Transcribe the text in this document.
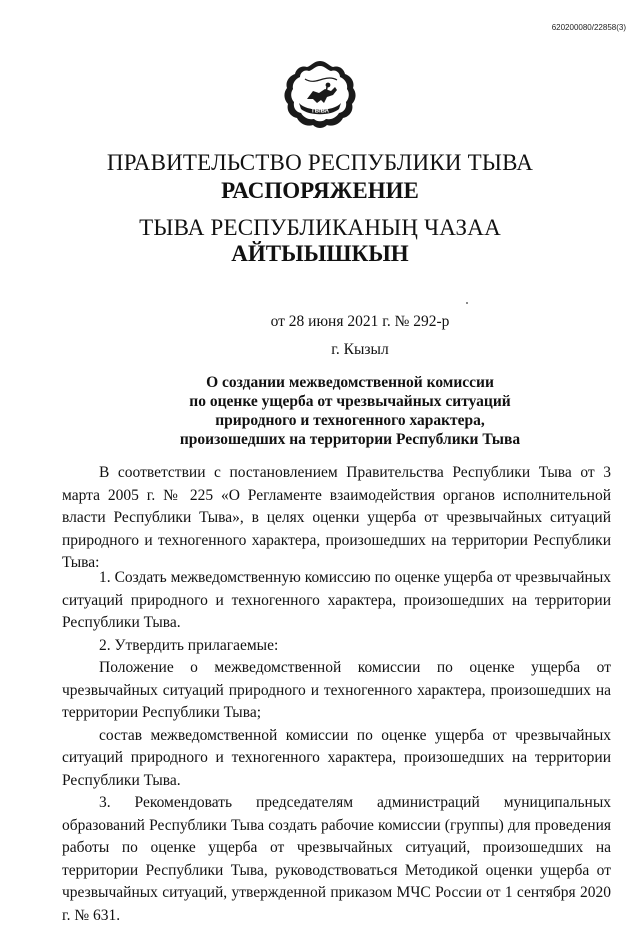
620200080/22858(3)
ТЫВА
ПРАВИТЕЛЬСТВО РЕСПУБЛИКИ ТЫВА
РАСПОРЯЖЕНИЕ
ТЫВА РЕСПУБЛИКАНЫҢ ЧАЗАА
АЙТЫЫШКЫН
от 28 июня 2021 г. № 292-р
г. Кызыл
О создании межведомственной комиссии
по оценке ущерба от чрезвычайных ситуаций
природного и техногенного характера,
произошедших на территории Республики Тыва

В соответствии с постановлением Правительства Республики Тыва от 3 марта 2005 г. № 225 «О Регламенте взаимодействия органов исполнительной власти Республики Тыва», в целях оценки ущерба от чрезвычайных ситуаций природного и техногенного характера, произошедших на территории Республики Тыва:

1. Создать межведомственную комиссию по оценке ущерба от чрезвычайных ситуаций природного и техногенного характера, произошедших на территории Республики Тыва.

2. Утвердить прилагаемые:

Положение о межведомственной комиссии по оценке ущерба от чрезвычайных ситуаций природного и техногенного характера, произошедших на территории Республики Тыва;

состав межведомственной комиссии по оценке ущерба от чрезвычайных ситуаций природного и техногенного характера, произошедших на территории Республики Тыва.

3. Рекомендовать председателям администраций муниципальных образований Республики Тыва создать рабочие комиссии (группы) для проведения работы по оценке ущерба от чрезвычайных ситуаций, произошедших на территории Республики Тыва, руководствоваться Методикой оценки ущерба от чрезвычайных ситуаций, утвержденной приказом МЧС России от 1 сентября 2020 г. № 631.
